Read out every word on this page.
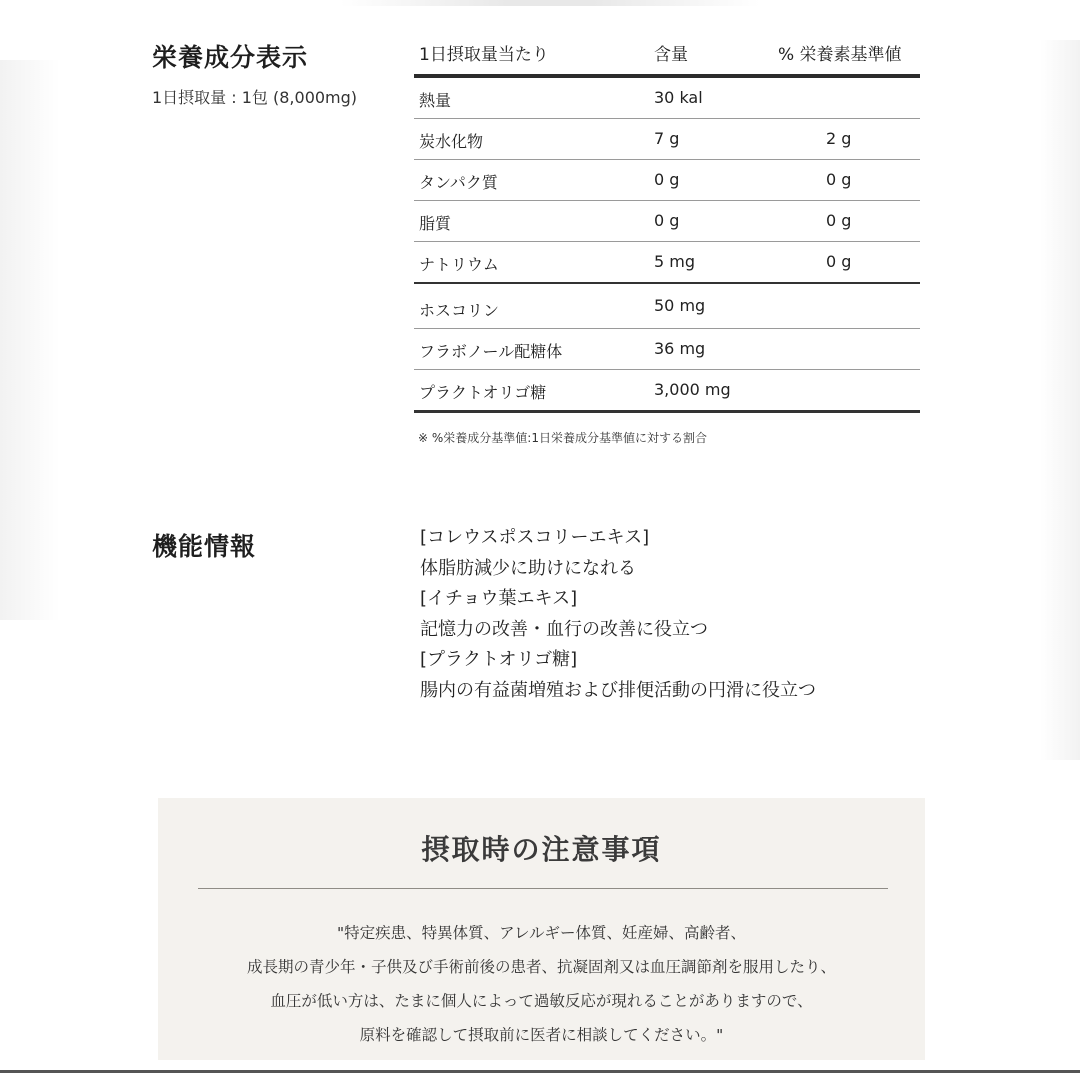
栄養成分表示
1日摂取量 : 1包 (8,000mg)
1日摂取量当たり	含量	% 栄養素基準値
熱量	30 kal
炭水化物	7 g	2 g
タンパク質	0 g	0 g
脂質	0 g	0 g
ナトリウム	5 mg	0 g
ホスコリン	50 mg
フラボノール配糖体	36 mg
プラクトオリゴ糖	3,000 mg
※ %栄養成分基準値:1日栄養成分基準値に対する割合
機能情報	[コレウスポスコリーエキス]
体脂肪減少に助けになれる
[イチョウ葉エキス]
記憶力の改善・血行の改善に役立つ
[プラクトオリゴ糖]
腸内の有益菌増殖および排便活動の円滑に役立つ
摂取時の注意事項
"特定疾患、特異体質、アレルギー体質、妊産婦、高齢者、
成長期の青少年・子供及び手術前後の患者、抗凝固剤又は血圧調節剤を服用したり、
血圧が低い方は、たまに個人によって過敏反応が現れることがありますので、
原料を確認して摂取前に医者に相談してください。"
